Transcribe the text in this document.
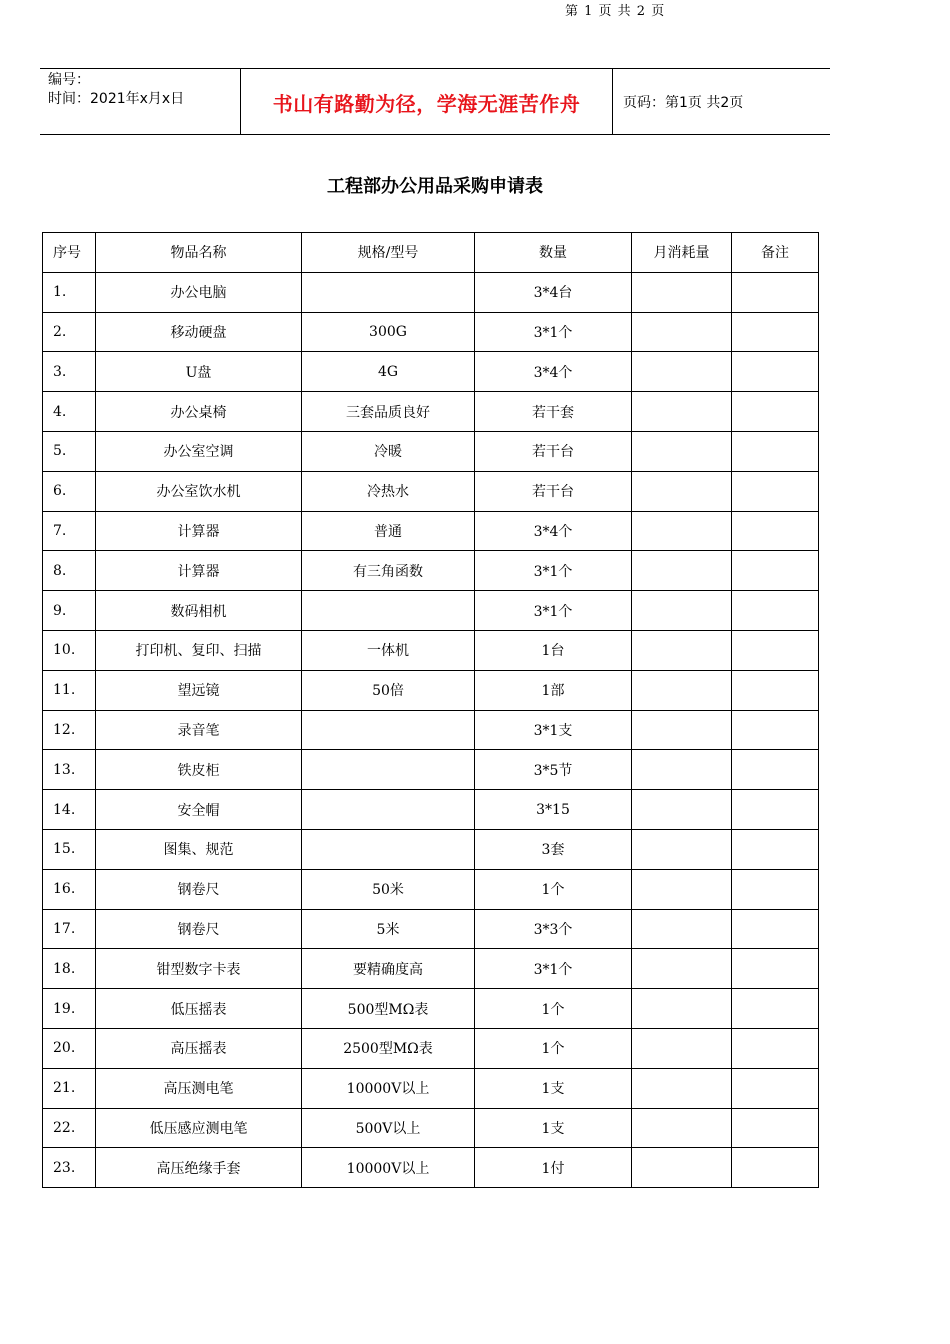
编号：
时间：2021年x月x日	书山有路勤为径，学海无涯苦作舟	页码：第1页 共2页
工程部办公用品采购申请表
序号	物品名称	规格/型号	数量	月消耗量	备注
1.	办公电脑		3*4台		
2.	移动硬盘	300G	3*1个		
3.	U盘	4G	3*4个		
4.	办公桌椅	三套品质良好	若干套		
5.	办公室空调	冷暖	若干台		
6.	办公室饮水机	冷热水	若干台		
7.	计算器	普通	3*4个		
8.	计算器	有三角函数	3*1个		
9.	数码相机		3*1个		
10.	打印机、复印、扫描	一体机	1台		
11.	望远镜	50倍	1部		
12.	录音笔		3*1支		
13.	铁皮柜		3*5节		
14.	安全帽		3*15		
15.	图集、规范		3套		
16.	钢卷尺	50米	1个		
17.	钢卷尺	5米	3*3个		
18.	钳型数字卡表	要精确度高	3*1个		
19.	低压摇表	500型MΩ表	1个		
20.	高压摇表	2500型MΩ表	1个		
21.	高压测电笔	10000V以上	1支		
22.	低压感应测电笔	500V以上	1支		
23.	高压绝缘手套	10000V以上	1付		
第 1 页 共 2 页
